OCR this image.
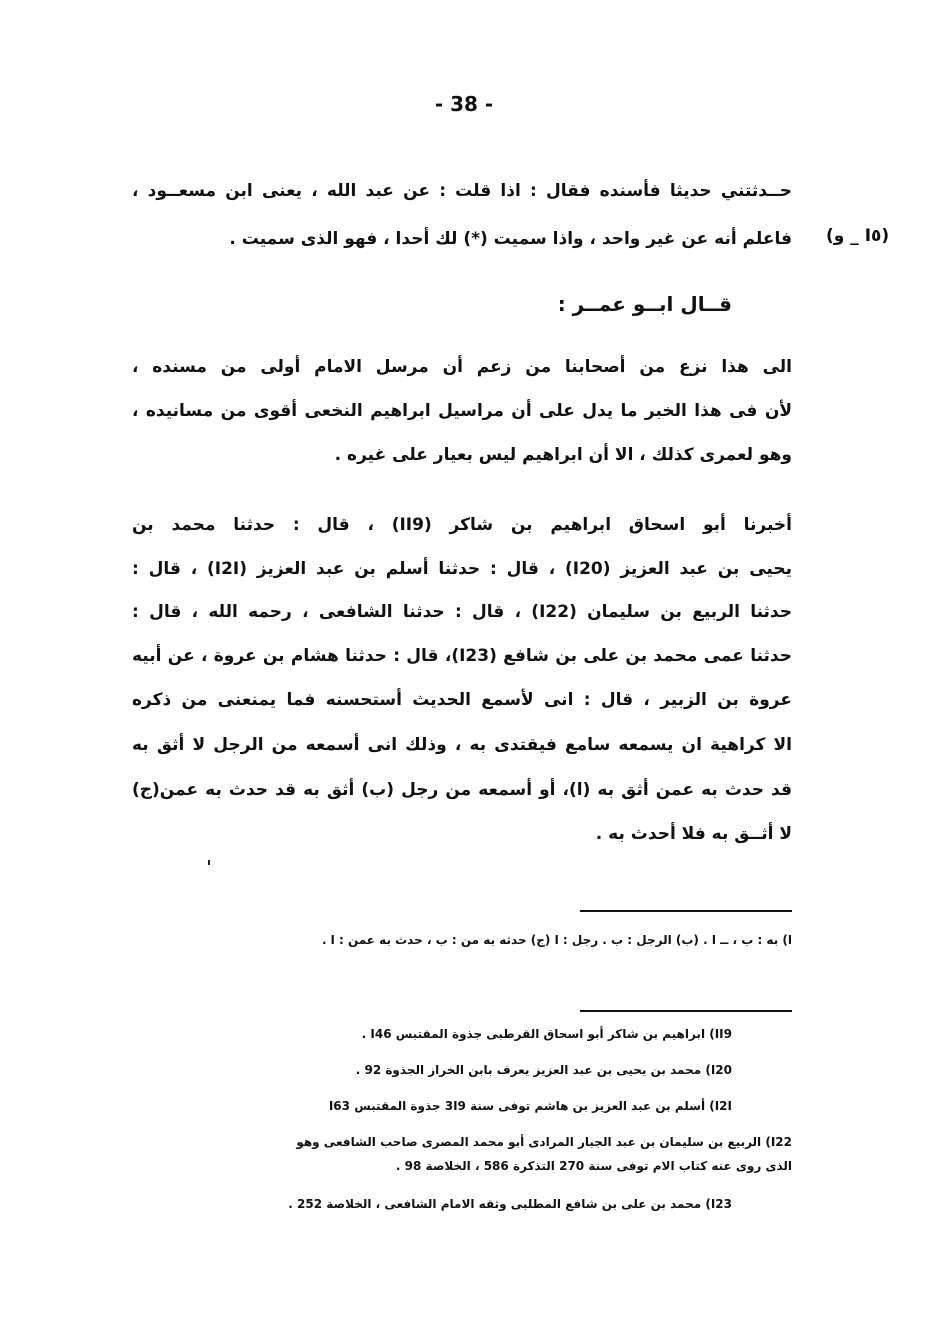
- 38 -
حــدثتني حديثا فأسنده فقال : اذا قلت : عن عبد الله ، يعنى ابن مسعــود ،
فاعلم أنه عن غير واحد ، واذا سميت (*) لك أحدا ، فهو الذى سميت . (I٥ _ و)
قــال ابــو عمــر :
الى هذا نزع من أصحابنا من زعم أن مرسل الامام أولى من مسنده ،
لأن فى هذا الخبر ما يدل على أن مراسيل ابراهيم النخعى أقوى من مسانيده ،
وهو لعمرى كذلك ، الا أن ابراهيم ليس بعيار على غيره .
أخبرنا أبو اسحاق ابراهيم بن شاكر (II9) ، قال : حدثنا محمد بن
يحيى بن عبد العزيز (I20) ، قال : حدثنا أسلم بن عبد العزيز (I2I) ، قال :
حدثنا الربيع بن سليمان (I22) ، قال : حدثنا الشافعى ، رحمه الله ، قال :
حدثنا عمى محمد بن على بن شافع (I23)، قال : حدثنا هشام بن عروة ، عن أبيه
عروة بن الزبير ، قال : انى لأسمع الحديث أستحسنه فما يمنعنى من ذكره
الا كراهية ان يسمعه سامع فيقتدى به ، وذلك انى أسمعه من الرجل لا أثق به
قد حدث به عمن أثق به (ا)، أو أسمعه من رجل (ب) أثق به قد حدث به عمن(ج)
لا أثــق به فلا أحدث به .
ا) به : ب ، ــ ا . (ب) الرجل : ب . رجل : ا (ج) حدثه به من : ب ، حدث به عمن : ا .
II9) ابراهيم بن شاكر أبو اسحاق القرطبى جذوة المقتبس I46 .
I20) محمد بن يحيى بن عبد العزيز يعرف بابن الخراز الجذوة 92 .
I2I) أسلم بن عبد العزيز بن هاشم توفى سنة 3I9 جذوة المقتبس I63
I22) الربيع بن سليمان بن عبد الجبار المرادى أبو محمد المصرى صاحب الشافعى وهو
الذى روى عنه كتاب الام توفى سنة 270 التذكرة 586 ، الخلاصة 98 .
I23) محمد بن على بن شافع المطلبى وثقه الامام الشافعى ، الخلاصة 252 .
